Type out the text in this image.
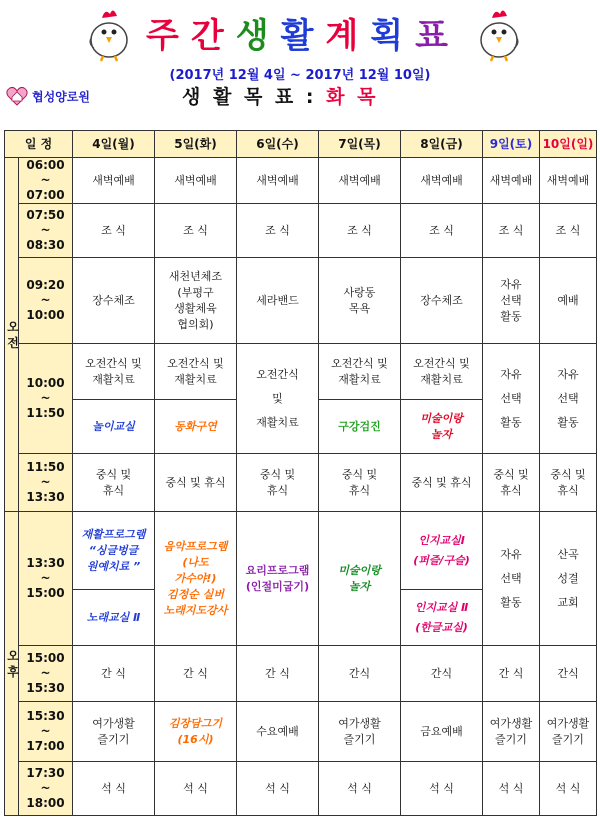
주 간 생 활 계 획 표
(2017년 12월 4일 ~ 2017년 12월 10일)
협성양로원	생 활 목 표 : 화 목
일 정		4일(월)	5일(화)	6일(수)	7일(목)	8일(금)	9일(토)	10일(일)
오전	06:00
~
07:00	새벽예배	새벽예배	새벽예배	새벽예배	새벽예배	새벽예배	새벽예배
	07:50
~
08:30	조 식	조 식	조 식	조 식	조 식	조 식	조 식
	09:20
~
10:00	장수체조	새천년체조
(부평구
생활체육
협의회)	세라밴드	사랑동
목욕	장수체조	자유
선택
활동	예배
	10:00
~
11:50	오전간식 및
재활치료	오전간식 및
재활치료	오전간식
및
재활치료	오전간식 및
재활치료	오전간식 및
재활치료	자유
선택
활동	자유
선택
활동
		놀이교실	동화구연		구강검진	미술이랑
놀자		
	11:50
~
13:30	중식 및
휴식	중식 및 휴식	중식 및
휴식	중식 및
휴식	중식 및 휴식	중식 및
휴식	중식 및
휴식
오후	13:30
~
15:00	재활프로그램
“싱글벙글
원예치료 ”	음악프로그램
(나도
가수야!)
김정순 실버
노래지도강사	요리프로그램
(인절미굽기)	미술이랑
놀자	인지교실Ⅰ
(퍼즐/구슬)	자유
선택
활동	산곡
성결
교회
		노래교실 Ⅱ				인지교실 Ⅱ
(한글교실)		
	15:00
~
15:30	간 식	간 식	간 식	간식	간식	간 식	간식
	15:30
~
17:00	여가생활
즐기기	김장담그기
(16시)	수요예배	여가생활
즐기기	금요예배	여가생활
즐기기	여가생활
즐기기
	17:30
~
18:00	석 식	석 식	석 식	석 식	석 식	석 식	석 식
